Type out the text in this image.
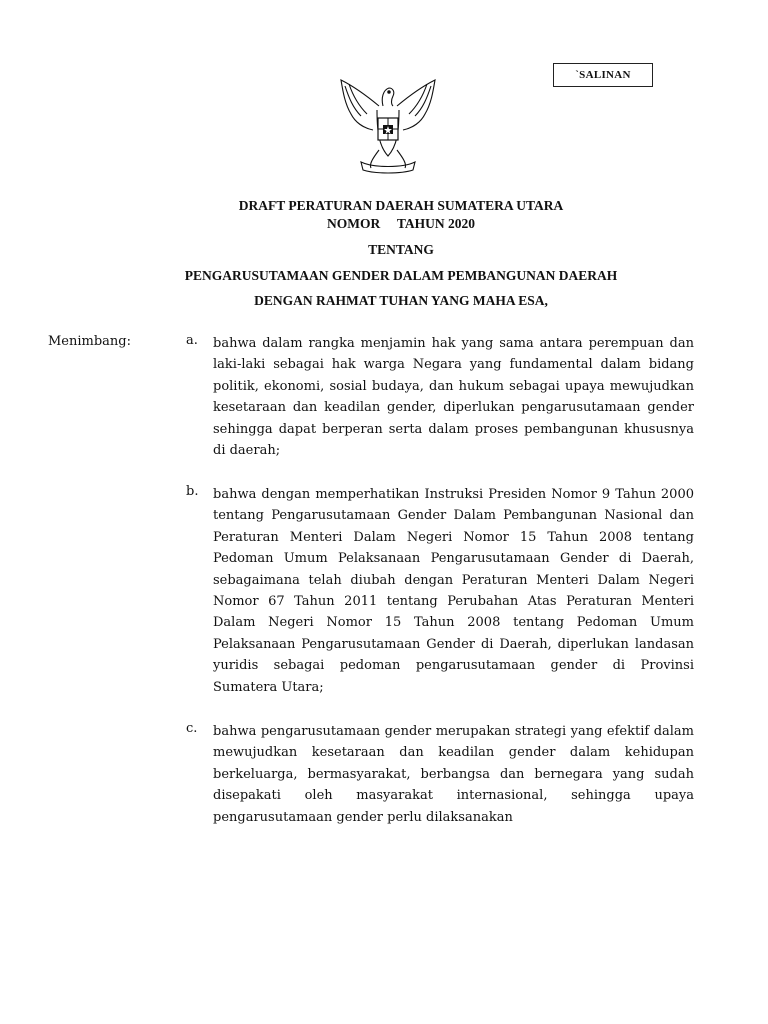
`SALINAN
DRAFT PERATURAN DAERAH SUMATERA UTARA
NOMOR     TAHUN 2020
TENTANG
PENGARUSUTAMAAN GENDER DALAM PEMBANGUNAN DAERAH
DENGAN RAHMAT TUHAN YANG MAHA ESA,
Menimbang:	a.	bahwa dalam rangka menjamin hak yang sama antara perempuan dan laki-laki sebagai hak warga Negara yang fundamental dalam bidang politik, ekonomi, sosial budaya, dan hukum sebagai upaya mewujudkan kesetaraan dan keadilan gender, diperlukan pengarusutamaan gender sehingga dapat berperan serta dalam proses pembangunan khususnya di daerah;
b.	bahwa dengan memperhatikan Instruksi Presiden Nomor 9 Tahun 2000 tentang Pengarusutamaan Gender Dalam Pembangunan Nasional dan Peraturan Menteri Dalam Negeri Nomor 15 Tahun 2008 tentang Pedoman Umum Pelaksanaan Pengarusutamaan Gender di Daerah, sebagaimana telah diubah dengan Peraturan Menteri Dalam Negeri Nomor 67 Tahun 2011 tentang Perubahan Atas Peraturan Menteri Dalam Negeri Nomor 15 Tahun 2008 tentang Pedoman Umum Pelaksanaan Pengarusutamaan Gender di Daerah, diperlukan landasan yuridis sebagai pedoman pengarusutamaan gender di Provinsi Sumatera Utara;
c.	bahwa pengarusutamaan gender merupakan strategi yang efektif dalam mewujudkan kesetaraan dan keadilan gender dalam kehidupan berkeluarga, bermasyarakat, berbangsa dan bernegara yang sudah disepakati oleh masyarakat internasional, sehingga upaya pengarusutamaan gender perlu dilaksanakan
